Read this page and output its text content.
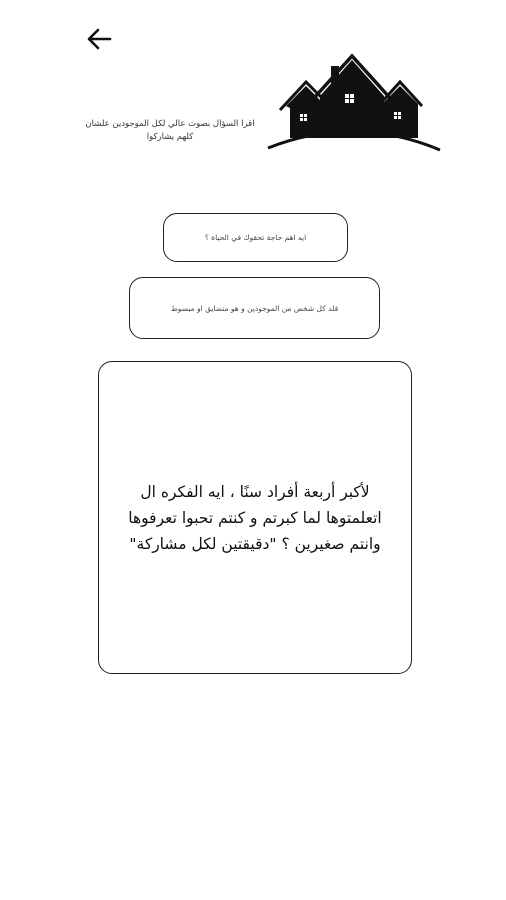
اقرا السؤال بصوت عالي لكل الموجودين علشان كلهم يشاركوا
ايه اهم حاجة تحقوك في الحياة ؟
قلد كل شخص من الموجودين و هو متضايق او مبسوط
لأكبر أربعة أفراد سنًا ، ايه الفكره ال اتعلمتوها لما كبرتم و كنتم تحبوا تعرفوها وانتم صغيرين ؟ "دقيقتين لكل مشاركة"
